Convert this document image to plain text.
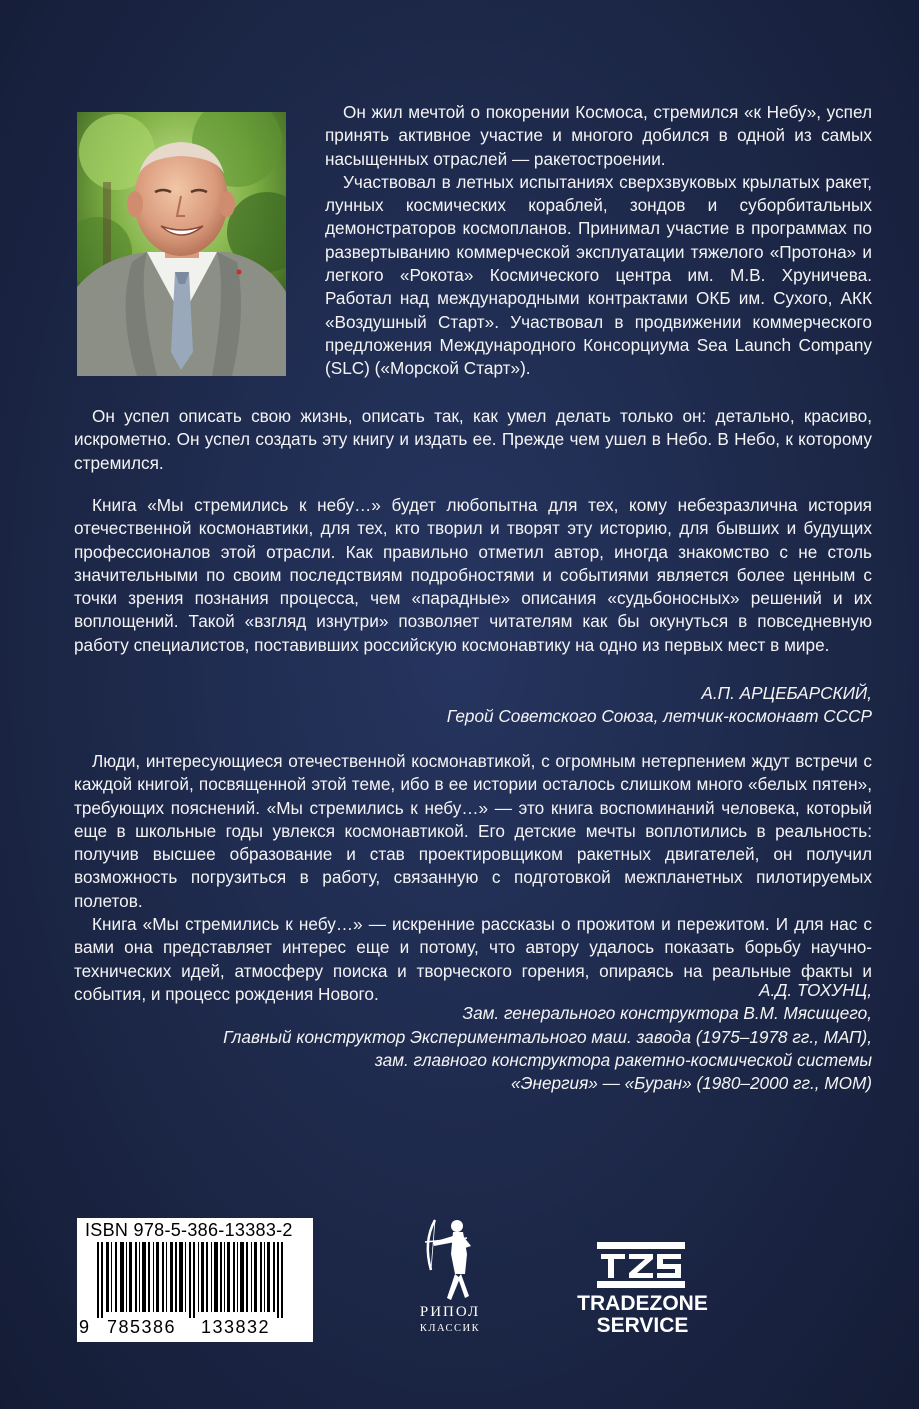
Он жил мечтой о покорении Космоса, стремился «к Небу», успел принять активное участие и многого добился в одной из самых насыщенных отраслей — ракетостроении.

Участвовал в летных испытаниях сверхзвуковых крылатых ракет, лунных космических кораблей, зондов и суборбитальных демонстраторов космопланов. Принимал участие в программах по развертыванию коммерческой эксплуатации тяжелого «Протона» и легкого «Рокота» Космического центра им. М.В. Хруничева. Работал над международными контрактами ОКБ им. Сухого, АКК «Воздушный Старт». Участвовал в продвижении коммерческого предложения Международного Консорциума Sea Launch Company (SLC) («Морской Старт»).

Он успел описать свою жизнь, описать так, как умел делать только он: детально, красиво, искрометно. Он успел создать эту книгу и издать ее. Прежде чем ушел в Небо. В Небо, к которому стремился.

Книга «Мы стремились к небу…» будет любопытна для тех, кому небезразлична история отечественной космонавтики, для тех, кто творил и творят эту историю, для бывших и будущих профессионалов этой отрасли. Как правильно отметил автор, иногда знакомство с не столь значительными по своим последствиям подробностями и событиями является более ценным с точки зрения познания процесса, чем «парадные» описания «судьбоносных» решений и их воплощений. Такой «взгляд изнутри» позволяет читателям как бы окунуться в повседневную работу специалистов, поставивших российскую космонавтику на одно из первых мест в мире.

А.П. АРЦЕБАРСКИЙ,
Герой Советского Союза, летчик-космонавт СССР

Люди, интересующиеся отечественной космонавтикой, с огромным нетерпением ждут встречи с каждой книгой, посвященной этой теме, ибо в ее истории осталось слишком много «белых пятен», требующих пояснений. «Мы стремились к небу…» — это книга воспоминаний человека, который еще в школьные годы увлекся космонавтикой. Его детские мечты воплотились в реальность: получив высшее образование и став проектировщиком ракетных двигателей, он получил возможность погрузиться в работу, связанную с подготовкой межпланетных пилотируемых полетов.

Книга «Мы стремились к небу…» — искренние рассказы о прожитом и пережитом. И для нас с вами она представляет интерес еще и потому, что автору удалось показать борьбу научно-технических идей, атмосферу поиска и творческого горения, опираясь на реальные факты и события, и процесс рождения Нового.	А.Д. ТОХУНЦ,
Зам. генерального конструктора В.М. Мясищего,
Главный конструктор Экспериментального маш. завода (1975–1978 гг., МАП),
зам. главного конструктора ракетно-космической системы
«Энергия» — «Буран» (1980–2000 гг., МОМ)
ISBN 978-5-386-13383-2
9 785386 133832
РИПОЛ
КЛАССИК
TRADEZONE
SERVICE
